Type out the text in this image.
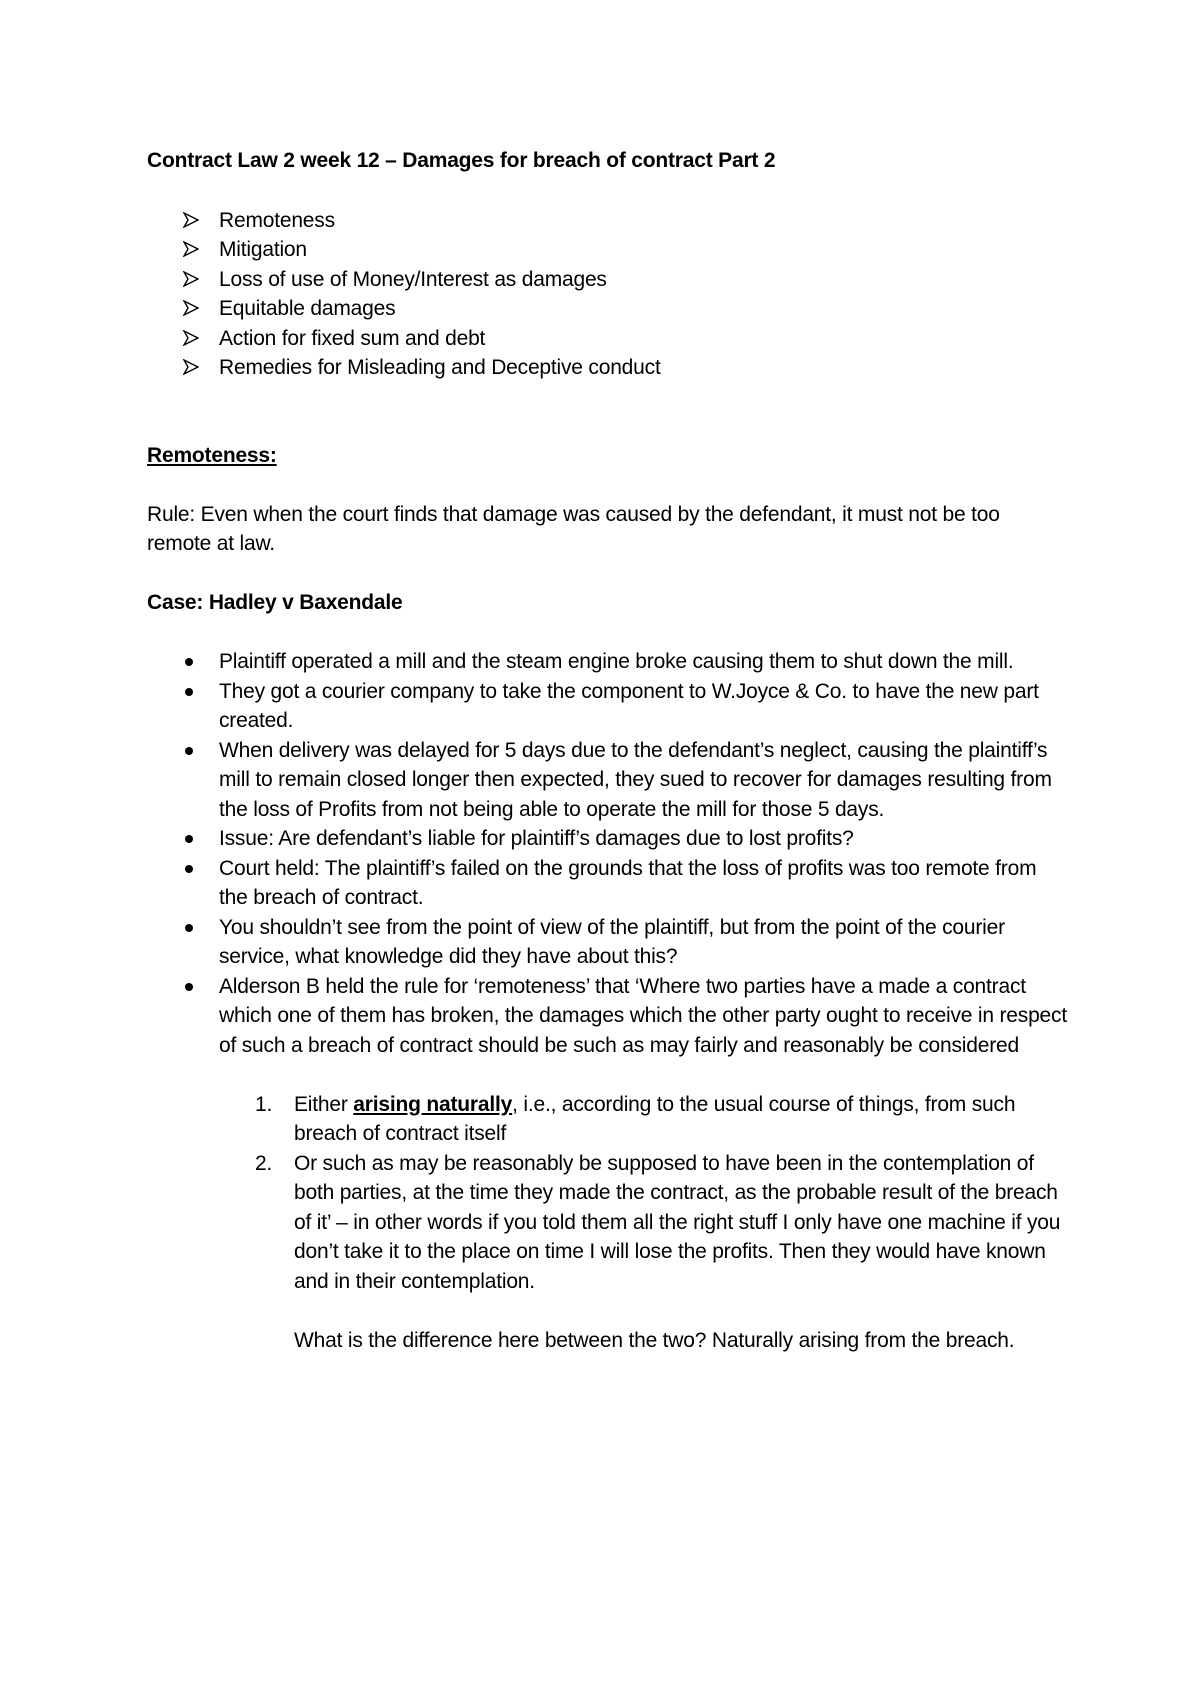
Contract Law 2 week 12 – Damages for breach of contract Part 2

Remoteness
Mitigation
Loss of use of Money/Interest as damages
Equitable damages
Action for fixed sum and debt
Remedies for Misleading and Deceptive conduct

Remoteness:

Rule: Even when the court finds that damage was caused by the defendant, it must not be too remote at law.

Case: Hadley v Baxendale

Plaintiff operated a mill and the steam engine broke causing them to shut down the mill.
They got a courier company to take the component to W.Joyce & Co. to have the new part created.
When delivery was delayed for 5 days due to the defendant’s neglect, causing the plaintiff’s mill to remain closed longer then expected, they sued to recover for damages resulting from the loss of Profits from not being able to operate the mill for those 5 days.
Issue: Are defendant’s liable for plaintiff’s damages due to lost profits?
Court held: The plaintiff’s failed on the grounds that the loss of profits was too remote from the breach of contract.
You shouldn’t see from the point of view of the plaintiff, but from the point of the courier service, what knowledge did they have about this?
Alderson B held the rule for ‘remoteness’ that ‘Where two parties have a made a contract which one of them has broken, the damages which the other party ought to receive in respect of such a breach of contract should be such as may fairly and reasonably be considered
1. Either arising naturally, i.e., according to the usual course of things, from such breach of contract itself
2. Or such as may be reasonably be supposed to have been in the contemplation of both parties, at the time they made the contract, as the probable result of the breach of it’ – in other words if you told them all the right stuff I only have one machine if you don’t take it to the place on time I will lose the profits. Then they would have known and in their contemplation.

What is the difference here between the two? Naturally arising from the breach.
